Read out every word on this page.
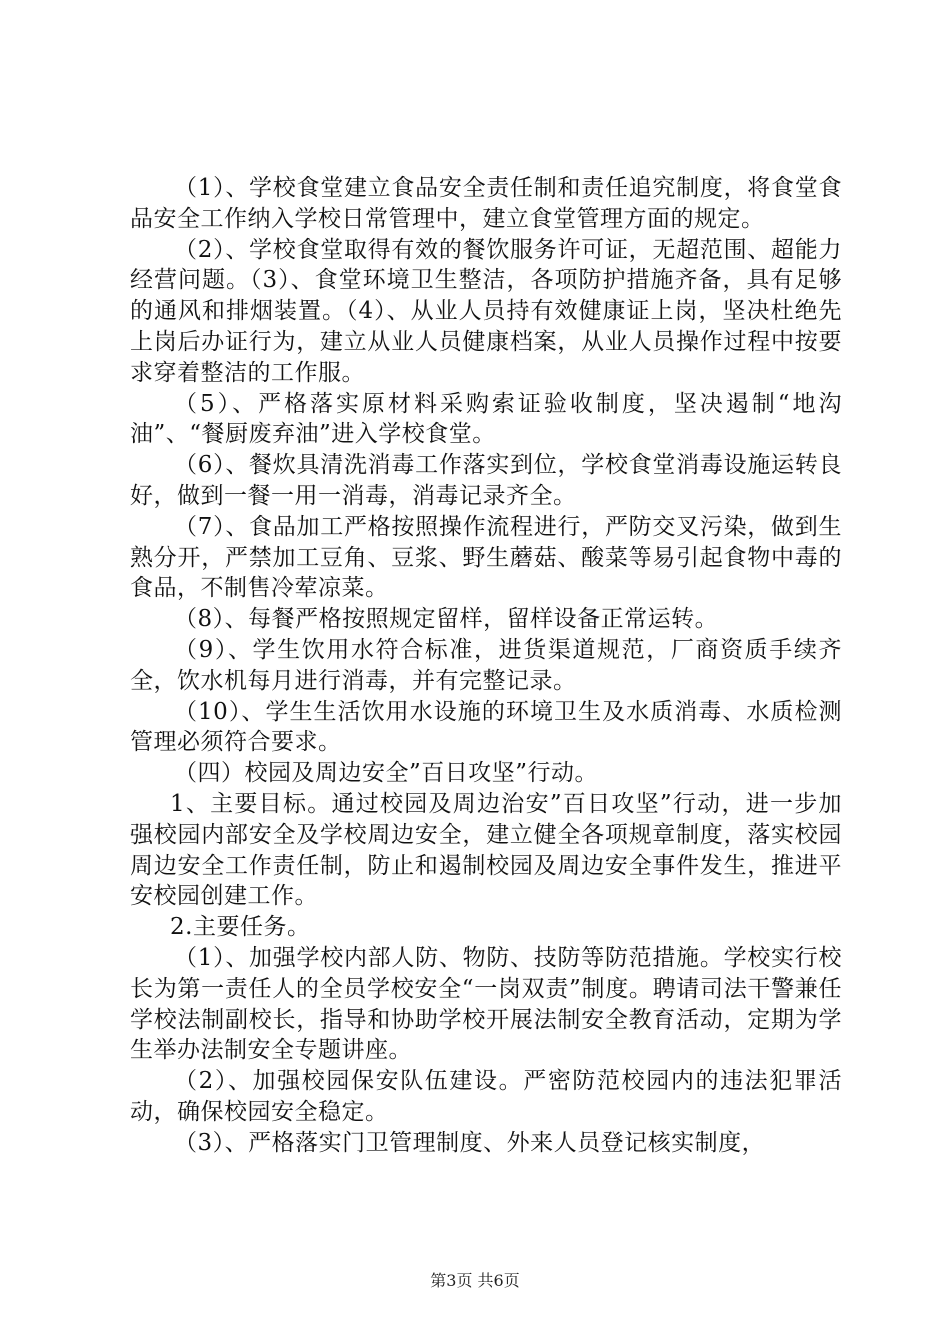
（1）、学校食堂建立食品安全责任制和责任追究制度，将食堂食品安全工作纳入学校日常管理中，建立食堂管理方面的规定。

（2）、学校食堂取得有效的餐饮服务许可证，无超范围、超能力经营问题。（3）、食堂环境卫生整洁，各项防护措施齐备，具有足够的通风和排烟装置。（4）、从业人员持有效健康证上岗，坚决杜绝先上岗后办证行为，建立从业人员健康档案，从业人员操作过程中按要求穿着整洁的工作服。

（5）、严格落实原材料采购索证验收制度，坚决遏制“地沟油”、“餐厨废弃油”进入学校食堂。

（6）、餐炊具清洗消毒工作落实到位，学校食堂消毒设施运转良好，做到一餐一用一消毒，消毒记录齐全。

（7）、食品加工严格按照操作流程进行，严防交叉污染，做到生熟分开，严禁加工豆角、豆浆、野生蘑菇、酸菜等易引起食物中毒的食品，不制售冷荤凉菜。

（8）、每餐严格按照规定留样，留样设备正常运转。

（9）、学生饮用水符合标准，进货渠道规范，厂商资质手续齐全，饮水机每月进行消毒，并有完整记录。

（10）、学生生活饮用水设施的环境卫生及水质消毒、水质检测管理必须符合要求。

（四）校园及周边安全”百日攻坚”行动。

1、主要目标。通过校园及周边治安”百日攻坚”行动，进一步加强校园内部安全及学校周边安全，建立健全各项规章制度，落实校园周边安全工作责任制，防止和遏制校园及周边安全事件发生，推进平安校园创建工作。

2.主要任务。

（1）、加强学校内部人防、物防、技防等防范措施。学校实行校长为第一责任人的全员学校安全“一岗双责”制度。聘请司法干警兼任学校法制副校长，指导和协助学校开展法制安全教育活动，定期为学生举办法制安全专题讲座。

（2）、加强校园保安队伍建设。严密防范校园内的违法犯罪活动，确保校园安全稳定。

（3）、严格落实门卫管理制度、外来人员登记核实制度，

第3页 共6页
